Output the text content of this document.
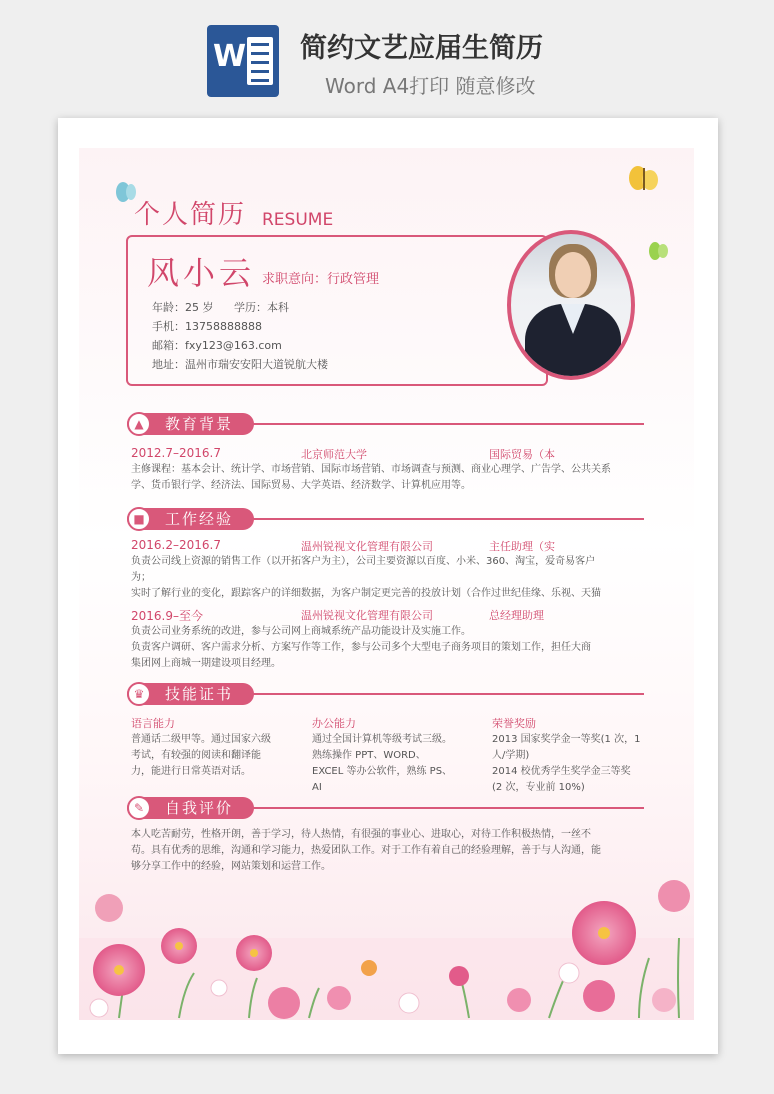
W 简约文艺应届生简历
Word A4打印 随意修改
个人简历 RESUME
风小云 求职意向：行政管理
年龄：25 岁 学历：本科
手机：13758888888
邮箱：fxy123@163.com
地址：温州市瑞安安阳大道锐航大楼
教育背景
▲
2012.7–2016.7	北京师范大学	国际贸易（本
主修课程：基本会计、统计学、市场营销、国际市场营销、市场调查与预测、商业心理学、广告学、公共关系
学、货币银行学、经济法、国际贸易、大学英语、经济数学、计算机应用等。
工作经验
■
2016.2–2016.7	温州锐视文化管理有限公司	主任助理（实
负责公司线上资源的销售工作（以开拓客户为主），公司主要资源以百度、小米、360、淘宝，爱奇易客户
为；
实时了解行业的变化，跟踪客户的详细数据，为客户制定更完善的投放计划（合作过世纪佳缘、乐视、天猫
2016.9–至今	温州锐视文化管理有限公司	总经理助理
负责公司业务系统的改进，参与公司网上商城系统产品功能设计及实施工作。
负责客户调研、客户需求分析、方案写作等工作，参与公司多个大型电子商务项目的策划工作，担任大商
集团网上商城一期建设项目经理。
技能证书
♛
语言能力
普通话二级甲等。通过国家六级
考试，有较强的阅读和翻译能
力，能进行日常英语对话。
办公能力
通过全国计算机等级考试三级。
熟练操作 PPT、WORD、
EXCEL 等办公软件，熟练 PS、
AI
荣誉奖励
2013 国家奖学金一等奖(1 次，1
人/学期)
2014 校优秀学生奖学金三等奖
(2 次，专业前 10%)
自我评价
✎
本人吃苦耐劳，性格开朗，善于学习，待人热情，有很强的事业心、进取心，对待工作积极热情，一丝不
苟。具有优秀的思维，沟通和学习能力，热爱团队工作。对于工作有着自己的经验理解，善于与人沟通，能
够分享工作中的经验，网站策划和运营工作。
